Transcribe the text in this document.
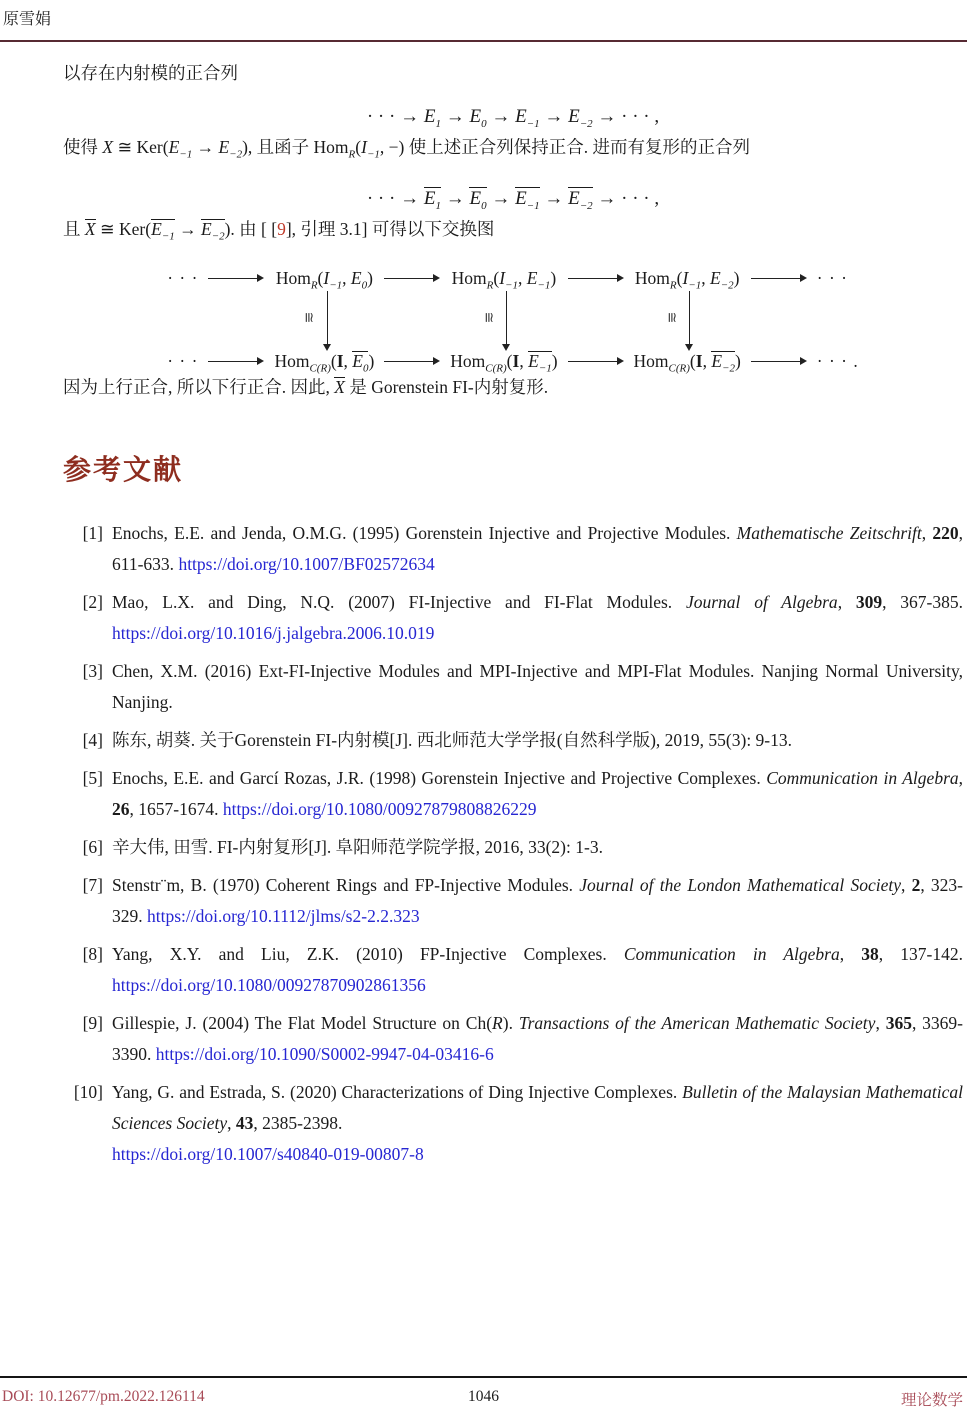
原雪娟

以存在内射模的正合列

· · · → $E_1 \to E_0 \to E_{-1} \to E_{-2}$ → · · · ,

使得 X ≅ $Ker(E_{-1} \to E_{-2})$, 且函子 $Hom_R(I_{-1}$, −) 使上述正合列保持正合. 进而有复形的正合列

· · · → $E_1 \to E_0 \to E_{-1} \to E_{-2}$ → · · · ,

且 X ≅ $Ker(E_{-1} \to E_{-2})$. 由 [ [9], 引理 3.1] 可得以下交换图

· · ·	$Hom_R(I_{-1}$, $E_0$)	$Hom_R(I_{-1}$, $E_{-1}$)	$Hom_R(I_{-1}$, $E_{-2}$)	· · ·
≅	≅	≅
· · ·	Hom$_{C(R)}$(I, $E_0$)	Hom$_{C(R)}$(I, $E_{-1}$)	Hom$_{C(R)}$(I, $E_{-2}$)	· · · .

因为上行正合, 所以下行正合. 因此, X 是 Gorenstein FI-内射复形.

参考文献
[1] Enochs, E.E. and Jenda, O.M.G. (1995) Gorenstein Injective and Projective Modules. Mathematische Zeitschrift, 220, 611-633. https://doi.org/10.1007/BF02572634
[2] Mao, L.X. and Ding, N.Q. (2007) FI-Injective and FI-Flat Modules. Journal of Algebra, 309, 367-385. https://doi.org/10.1016/j.jalgebra.2006.10.019
[3] Chen, X.M. (2016) Ext-FI-Injective Modules and MPI-Injective and MPI-Flat Modules. Nanjing Normal University, Nanjing.
[4] 陈东, 胡葵. 关于Gorenstein FI-内射模[J]. 西北师范大学学报(自然科学版), 2019, 55(3): 9-13.
[5] Enochs, E.E. and Garcí Rozas, J.R. (1998) Gorenstein Injective and Projective Complexes. Communication in Algebra, 26, 1657-1674. https://doi.org/10.1080/00927879808826229
[6] 辛大伟, 田雪. FI-内射复形[J]. 阜阳师范学院学报, 2016, 33(2): 1-3.
[7] Stenstr¨m, B. (1970) Coherent Rings and FP-Injective Modules. Journal of the London Mathematical Society, 2, 323-329. https://doi.org/10.1112/jlms/s2-2.2.323
[8] Yang, X.Y. and Liu, Z.K. (2010) FP-Injective Complexes. Communication in Algebra, 38, 137-142. https://doi.org/10.1080/00927870902861356
[9] Gillespie, J. (2004) The Flat Model Structure on Ch(R). Transactions of the American Mathematic Society, 365, 3369-3390. https://doi.org/10.1090/S0002-9947-04-03416-6
[10] Yang, G. and Estrada, S. (2020) Characterizations of Ding Injective Complexes. Bulletin of the Malaysian Mathematical Sciences Society, 43, 2385-2398.
https://doi.org/10.1007/s40840-019-00807-8
DOI: 10.12677/pm.2022.126114	1046	理论数学
